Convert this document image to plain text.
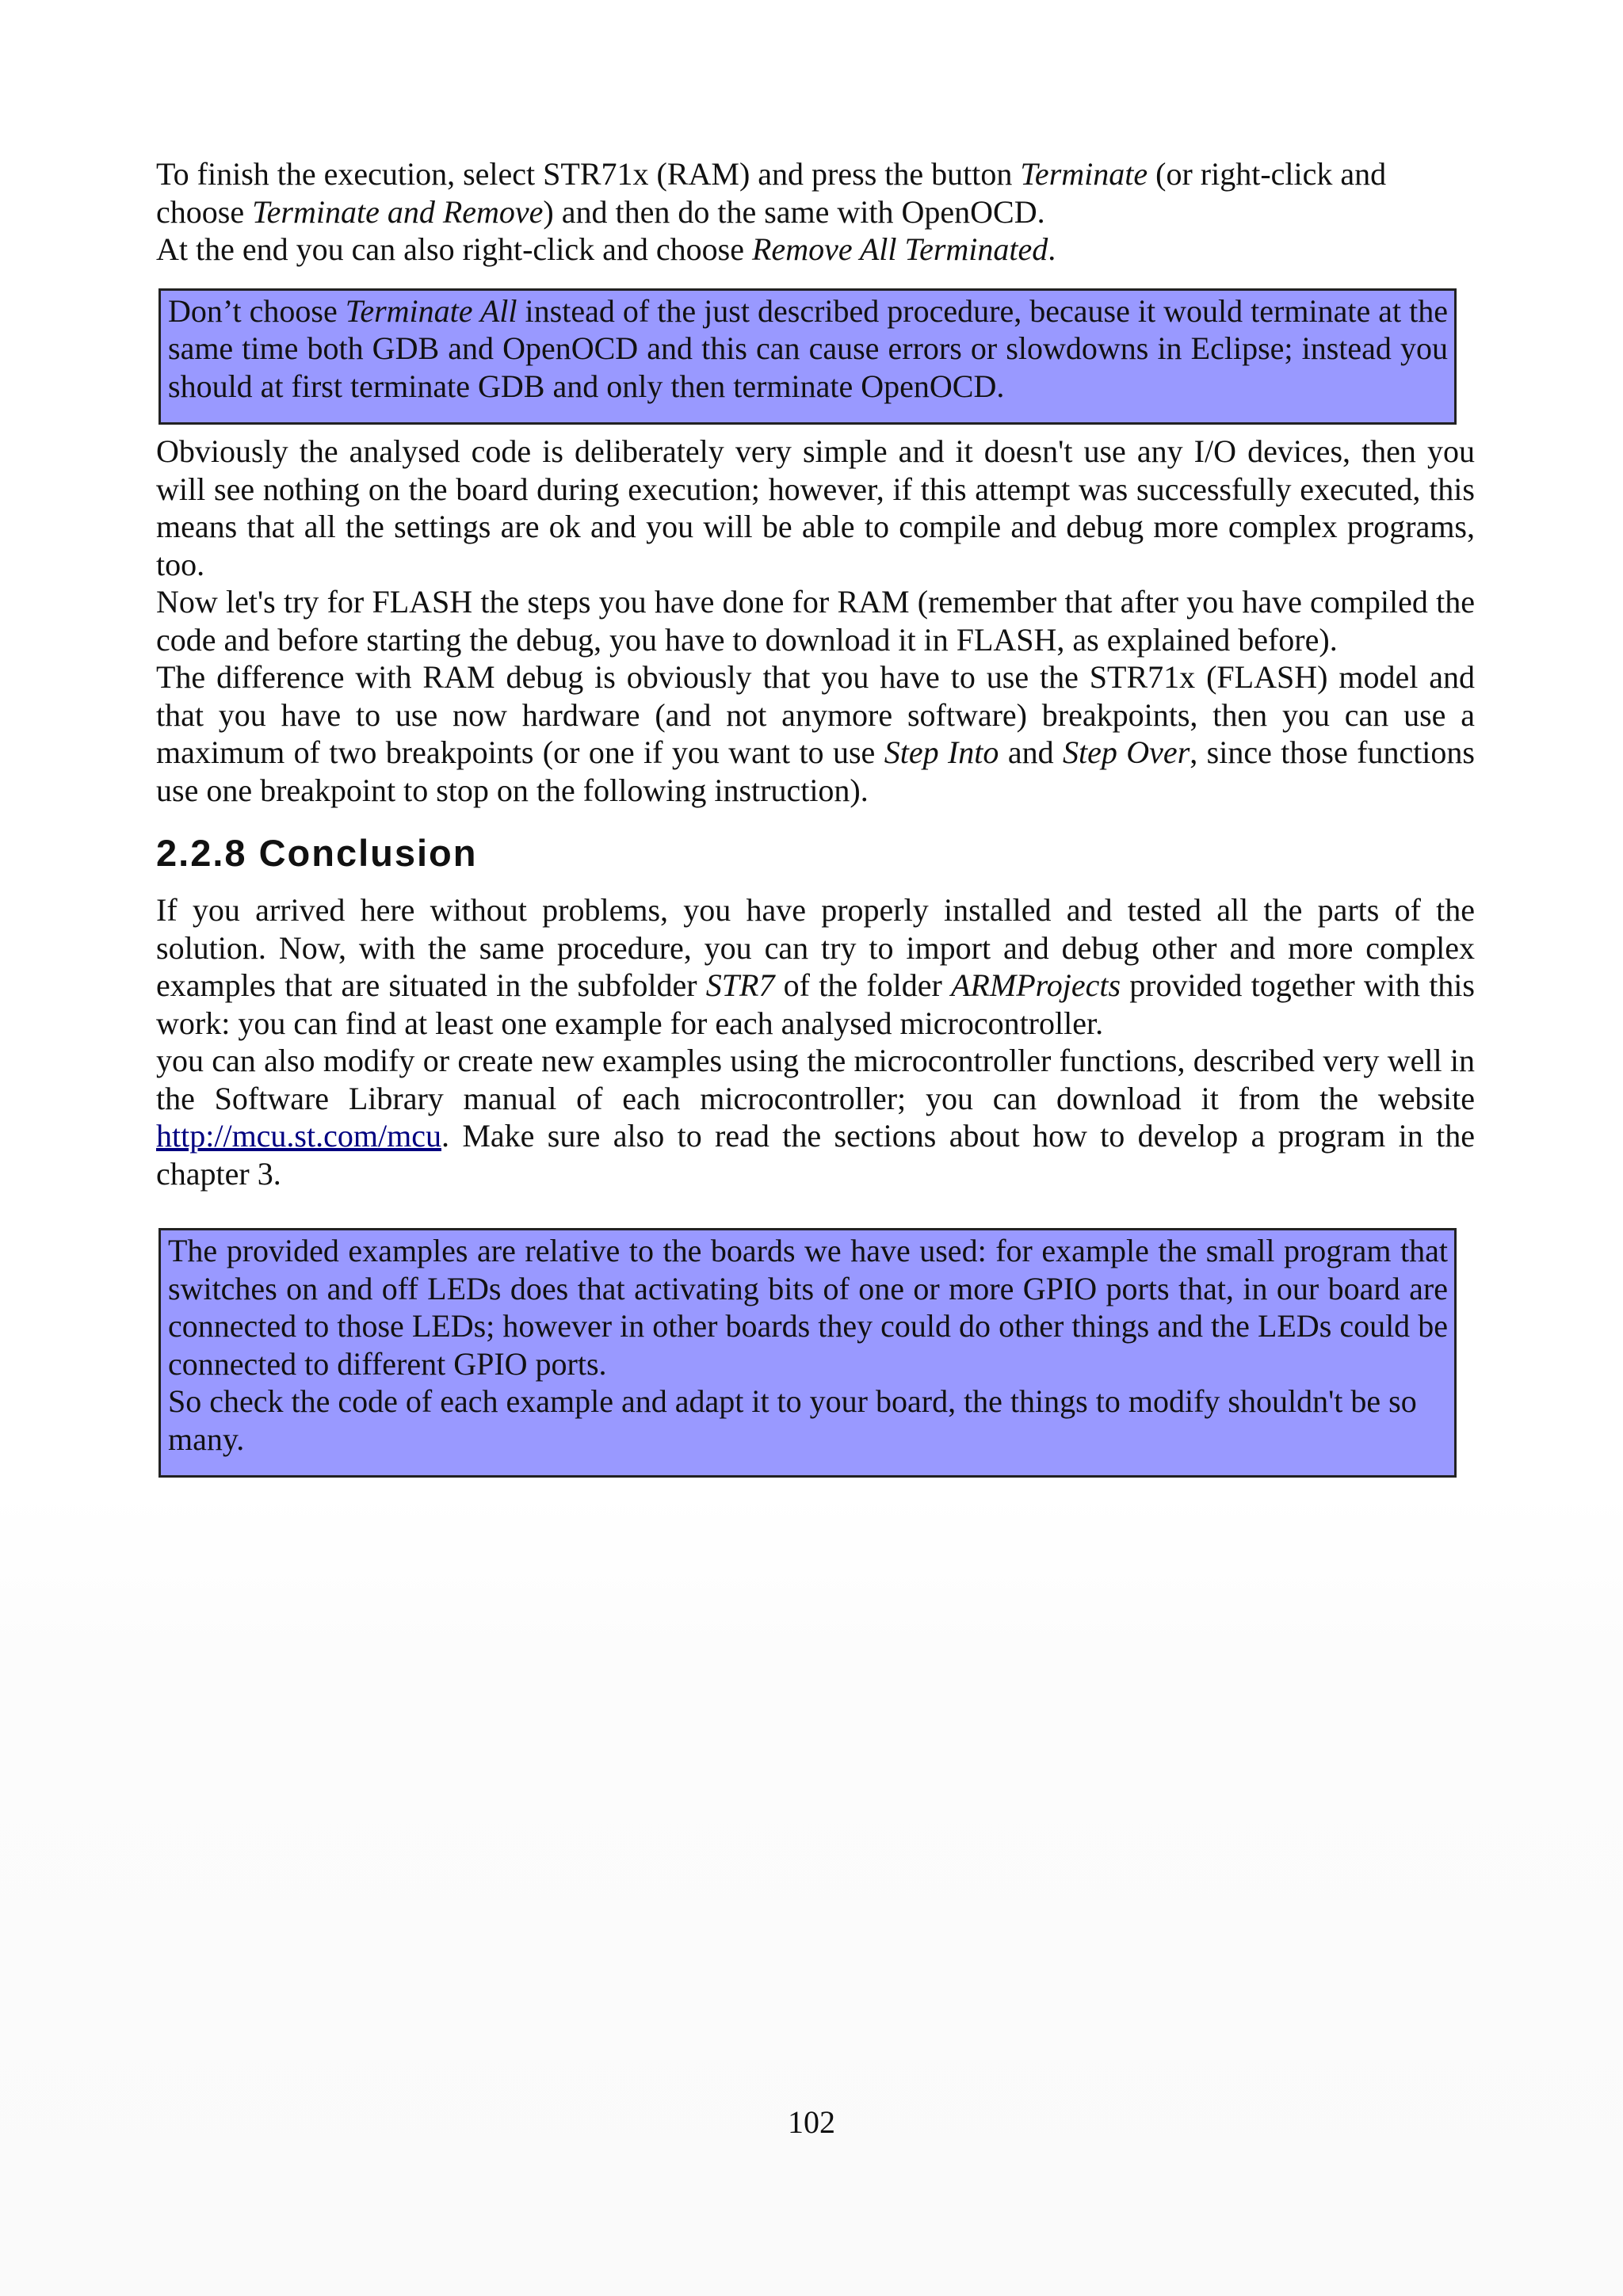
To finish the execution, select STR71x (RAM) and press the button Terminate (or right-click and choose Terminate and Remove) and then do the same with OpenOCD.

At the end you can also right-click and choose Remove All Terminated.

Don’t choose Terminate All instead of the just described procedure, because it would terminate at the same time both GDB and OpenOCD and this can cause errors or slowdowns in Eclipse; instead you should at first terminate GDB and only then terminate OpenOCD.

Obviously the analysed code is deliberately very simple and it doesn't use any I/O devices, then you will see nothing on the board during execution; however, if this attempt was successfully executed, this means that all the settings are ok and you will be able to compile and debug more complex programs, too.

Now let's try for FLASH the steps you have done for RAM (remember that after you have compiled the code and before starting the debug, you have to download it in FLASH, as explained before).

The difference with RAM debug is obviously that you have to use the STR71x (FLASH) model and that you have to use now hardware (and not anymore software) breakpoints, then you can use a maximum of two breakpoints (or one if you want to use Step Into and Step Over, since those functions use one breakpoint to stop on the following instruction).

2.2.8 Conclusion

If you arrived here without problems, you have properly installed and tested all the parts of the solution. Now, with the same procedure, you can try to import and debug other and more complex examples that are situated in the subfolder STR7 of the folder ARMProjects provided together with this work: you can find at least one example for each analysed microcontroller.

you can also modify or create new examples using the microcontroller functions, described very well in the Software Library manual of each microcontroller; you can download it from the website http://mcu.st.com/mcu. Make sure also to read the sections about how to develop a program in the chapter 3.

The provided examples are relative to the boards we have used: for example the small program that switches on and off LEDs does that activating bits of one or more GPIO ports that, in our board are connected to those LEDs; however in other boards they could do other things and the LEDs could be connected to different GPIO ports.

So check the code of each example and adapt it to your board, the things to modify shouldn't be so many.

102
